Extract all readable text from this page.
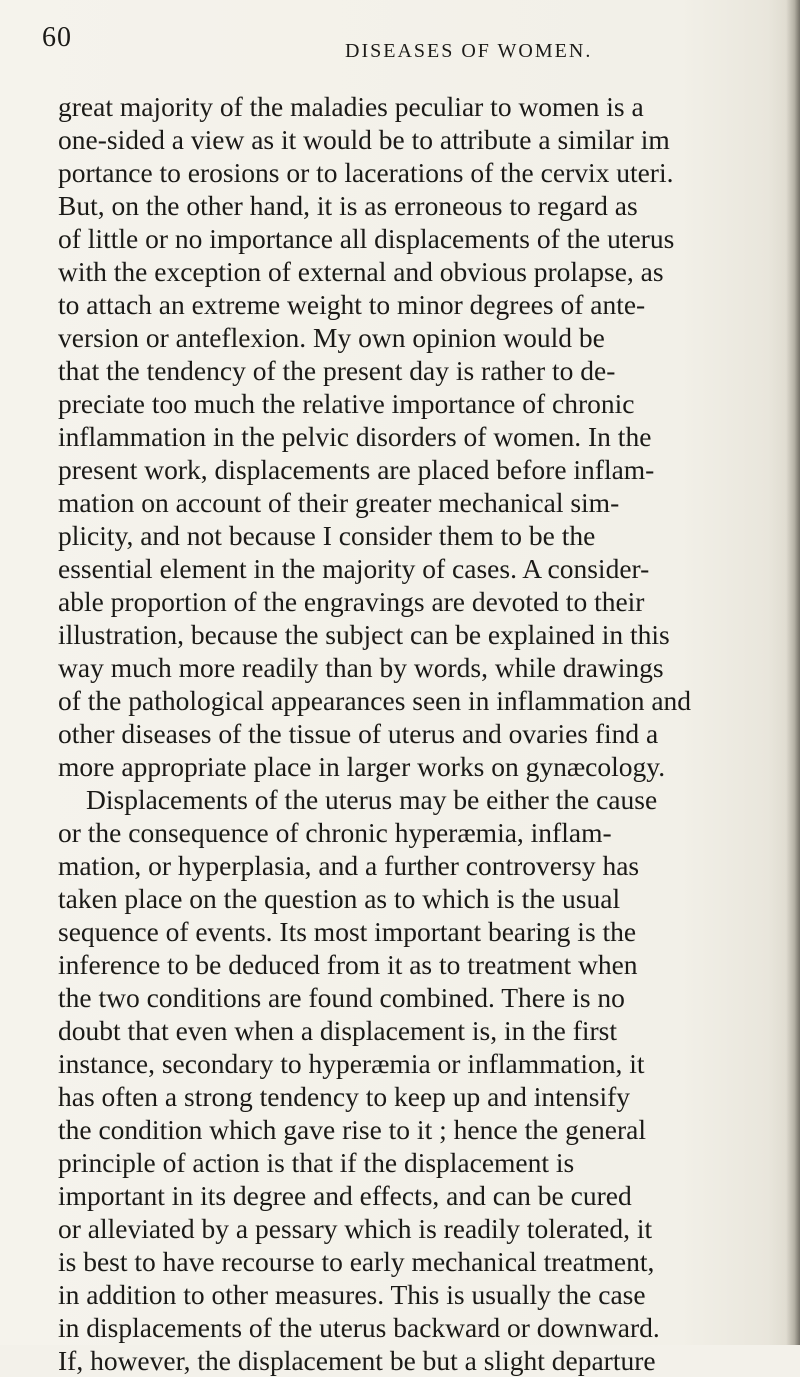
60	DISEASES OF WOMEN.
great majority of the maladies peculiar to women is a
one-sided a view as it would be to attribute a similar im
portance to erosions or to lacerations of the cervix uteri.
But, on the other hand, it is as erroneous to regard as
of little or no importance all displacements of the uterus
with the exception of external and obvious prolapse, as
to attach an extreme weight to minor degrees of ante-
version or anteflexion. My own opinion would be
that the tendency of the present day is rather to de-
preciate too much the relative importance of chronic
inflammation in the pelvic disorders of women. In the
present work, displacements are placed before inflam-
mation on account of their greater mechanical sim-
plicity, and not because I consider them to be the
essential element in the majority of cases. A consider-
able proportion of the engravings are devoted to their
illustration, because the subject can be explained in this
way much more readily than by words, while drawings
of the pathological appearances seen in inflammation and
other diseases of the tissue of uterus and ovaries find a
more appropriate place in larger works on gynæcology.
Displacements of the uterus may be either the cause
or the consequence of chronic hyperæmia, inflam-
mation, or hyperplasia, and a further controversy has
taken place on the question as to which is the usual
sequence of events. Its most important bearing is the
inference to be deduced from it as to treatment when
the two conditions are found combined. There is no
doubt that even when a displacement is, in the first
instance, secondary to hyperæmia or inflammation, it
has often a strong tendency to keep up and intensify
the condition which gave rise to it ; hence the general
principle of action is that if the displacement is
important in its degree and effects, and can be cured
or alleviated by a pessary which is readily tolerated, it
is best to have recourse to early mechanical treatment,
in addition to other measures. This is usually the case
in displacements of the uterus backward or downward.
If, however, the displacement be but a slight departure
